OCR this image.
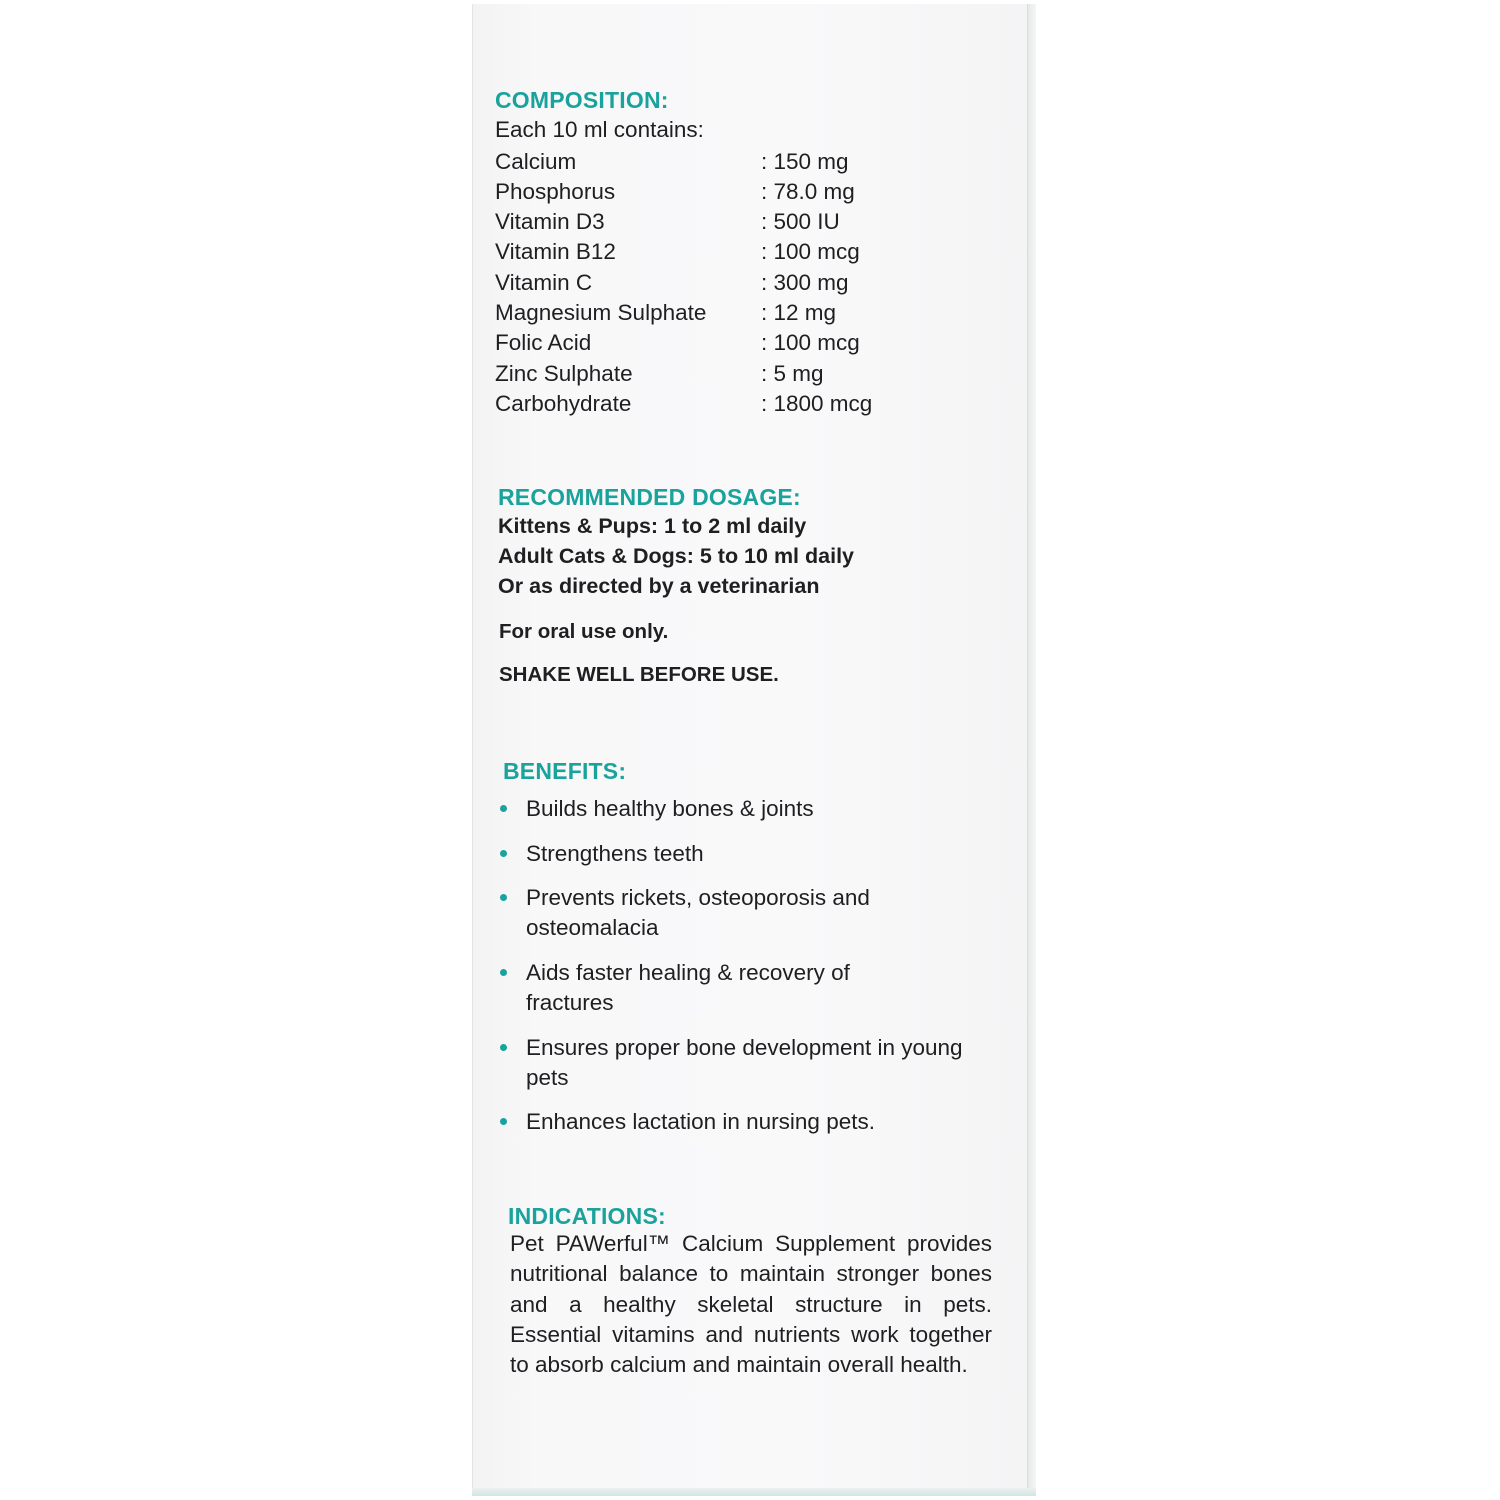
COMPOSITION:

Each 10 ml contains:

Calcium	: 150 mg
Phosphorus	: 78.0 mg
Vitamin D3	: 500 IU
Vitamin B12	: 100 mcg
Vitamin C	: 300 mg
Magnesium Sulphate : 12 mg
Folic Acid	: 100 mcg
Zinc Sulphate	: 5 mg
Carbohydrate	: 1800 mcg
RECOMMENDED DOSAGE:

Kittens & Pups: 1 to 2 ml daily

Adult Cats & Dogs: 5 to 10 ml daily

Or as directed by a veterinarian

For oral use only.

SHAKE WELL BEFORE USE.

BENEFITS:
Builds healthy bones & joints
Strengthens teeth
Prevents rickets, osteoporosis and osteomalacia
Aids faster healing & recovery of fractures
Ensures proper bone development in young pets
Enhances lactation in nursing pets.
INDICATIONS:

Pet PAWerful™ Calcium Supplement provides nutritional balance to maintain stronger bones and a healthy skeletal structure in pets. Essential vitamins and nutrients work together to absorb calcium and maintain overall health.
